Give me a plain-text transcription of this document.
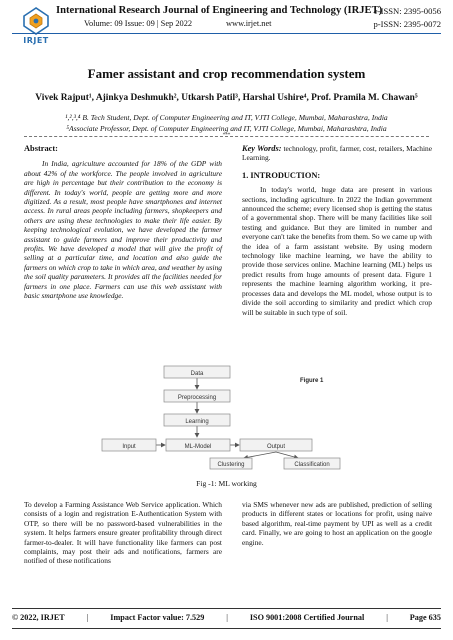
IRJET
International Research Journal of Engineering and Technology (IRJET)
e-ISSN: 2395-0056
Volume: 09 Issue: 09 | Sep 2022	www.irjet.net	p-ISSN: 2395-0072
Famer assistant and crop recommendation system
Vivek Rajput¹, Ajinkya Deshmukh², Utkarsh Patil³, Harshal Ushire⁴, Prof. Pramila M. Chawan⁵
¹,²,³,⁴ B. Tech Student, Dept. of Computer Engineering and IT, VJTI College, Mumbai, Maharashtra, India
⁵Associate Professor, Dept. of Computer Engineering and IT, VJTI College, Mumbai, Maharashtra, India
***
Abstract:
In India, agriculture accounted for 18% of the GDP with about 42% of the workforce. The people involved in agriculture are high in percentage but their contribution to the economy is different. In today's world, people are getting more and more digitized. As a result, most people have smartphones and internet access. In rural areas people including farmers, shopkeepers and others are using these technologies to make their life easier. By keeping technological evolution, we have developed the farmer assistant to guide farmers and improve their productivity and profits. We have developed a model that will give the profit of selling at a particular time, and location and also guide the farmers on which crop to take in which area, and weather by using the soil quality parameters. It provides all the facilities needed for farmers in one place. Farmers can use this web assistant with basic smartphone use knowledge.
Key Words: technology, profit, farmer, cost, retailers, Machine Learning.
1. INTRODUCTION:
In today's world, huge data are present in various sections, including agriculture. In 2022 the Indian government announced the scheme; every licensed shop is getting the status of a governmental shop. There will be many facilities like soil testing and guidance. But they are limited in number and everyone can't take the benefits from them. So we came up with the idea of a farm assistant website. By using modern technology like machine learning, we have the ability to provide those services online. Machine learning (ML) helps us predict results from huge amounts of present data. Figure 1 represents the machine learning algorithm working, it pre-processes data and develops the ML model, whose output is to divide the soil according to similarity and predict which crop will be suitable in such type of soil.
Data
Preprocessing
Learning
Input	ML-Model	Output
Clustering	Classification
Figure 1
Fig -1: ML working
To develop a Farming Assistance Web Service application. Which consists of a login and registration E-Authentication System with OTP, so there will be no password-based vulnerabilities in the system. It helps farmers ensure greater profitability through direct farmer-to-dealer. It will have functionality like farmers can post complaints, may post their ads and notifications, farmers are notified of these notifications
via SMS whenever new ads are published, prediction of selling products in different states or locations for profit, using naive based algorithm, real-time payment by UPI as well as a credit card. Finally, we are going to host an application on the google engine.
© 2022, IRJET	|	Impact Factor value: 7.529	|	ISO 9001:2008 Certified Journal	|	Page 635
